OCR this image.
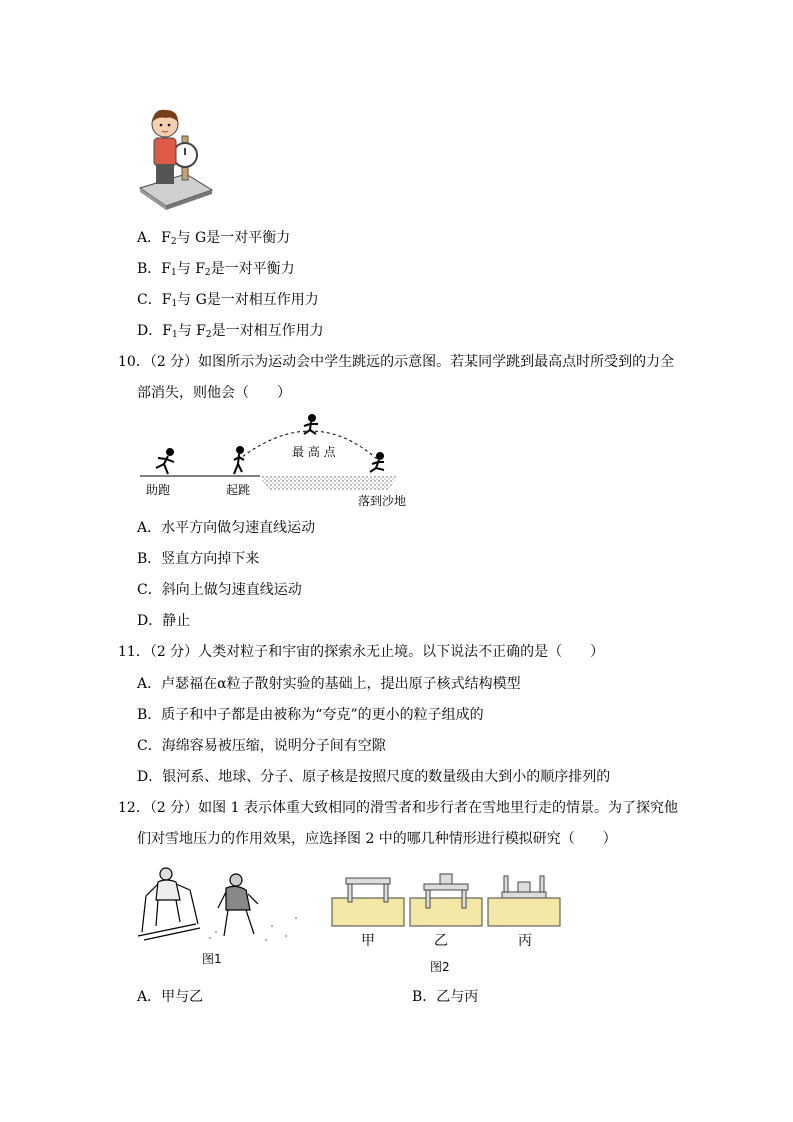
A．$F_2$与 G是一对平衡力
B．$F_1$与 $F_2$是一对平衡力
C．$F_1$与 G是一对相互作用力
D．$F_1$与 $F_2$是一对相互作用力
10．（2 分）如图所示为运动会中学生跳远的示意图。若某同学跳到最高点时所受到的力全
部消失，则他会（　　）
最 高 点
助跑	起跳
落到沙地
A．水平方向做匀速直线运动
B．竖直方向掉下来
C．斜向上做匀速直线运动
D．静止
11．（2 分）人类对粒子和宇宙的探索永无止境。以下说法不正确的是（　　）
A．卢瑟福在α粒子散射实验的基础上，提出原子核式结构模型
B．质子和中子都是由被称为“夸克”的更小的粒子组成的
C．海绵容易被压缩，说明分子间有空隙
D．银河系、地球、分子、原子核是按照尺度的数量级由大到小的顺序排列的
12．（2 分）如图 1 表示体重大致相同的滑雪者和步行者在雪地里行走的情景。为了探究他
们对雪地压力的作用效果，应选择图 2 中的哪几种情形进行模拟研究（　　）
图1
甲	乙	丙
图2
A．甲与乙	B．乙与丙
